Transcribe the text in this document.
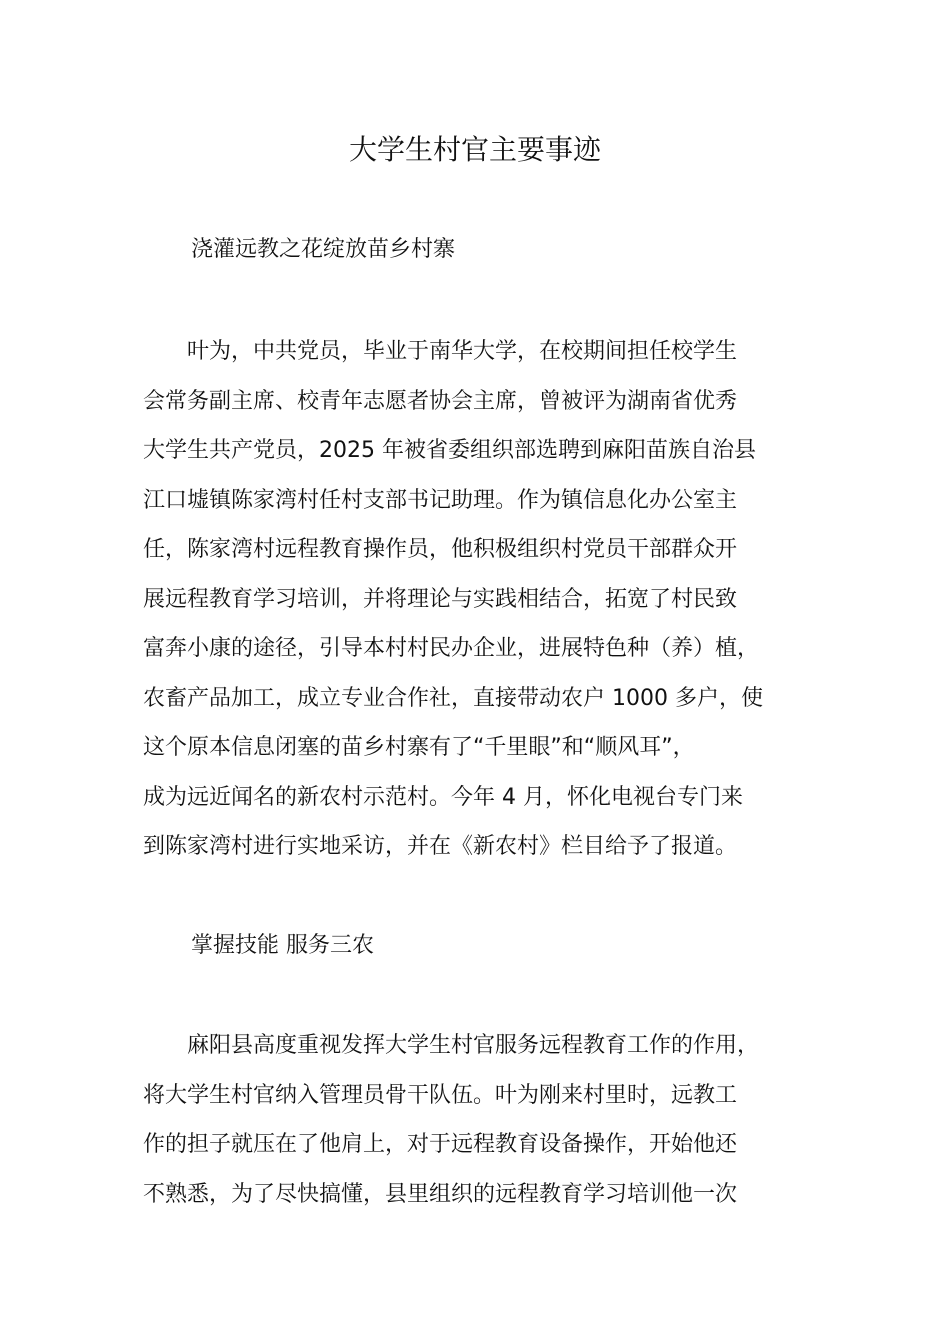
大学生村官主要事迹

浇灌远教之花绽放苗乡村寨

　　叶为，中共党员，毕业于南华大学，在校期间担任校学生
会常务副主席、校青年志愿者协会主席，曾被评为湖南省优秀
大学生共产党员，2025 年被省委组织部选聘到麻阳苗族自治县
江口墟镇陈家湾村任村支部书记助理。作为镇信息化办公室主
任，陈家湾村远程教育操作员，他积极组织村党员干部群众开
展远程教育学习培训，并将理论与实践相结合，拓宽了村民致
富奔小康的途径，引导本村村民办企业，进展特色种（养）植，
农畜产品加工，成立专业合作社，直接带动农户 1000 多户，使
这个原本信息闭塞的苗乡村寨有了“千里眼”和“顺风耳”，
成为远近闻名的新农村示范村。今年 4 月，怀化电视台专门来
到陈家湾村进行实地采访，并在《新农村》栏目给予了报道。

掌握技能 服务三农

　　麻阳县高度重视发挥大学生村官服务远程教育工作的作用，
将大学生村官纳入管理员骨干队伍。叶为刚来村里时，远教工
作的担子就压在了他肩上，对于远程教育设备操作，开始他还
不熟悉，为了尽快搞懂，县里组织的远程教育学习培训他一次
